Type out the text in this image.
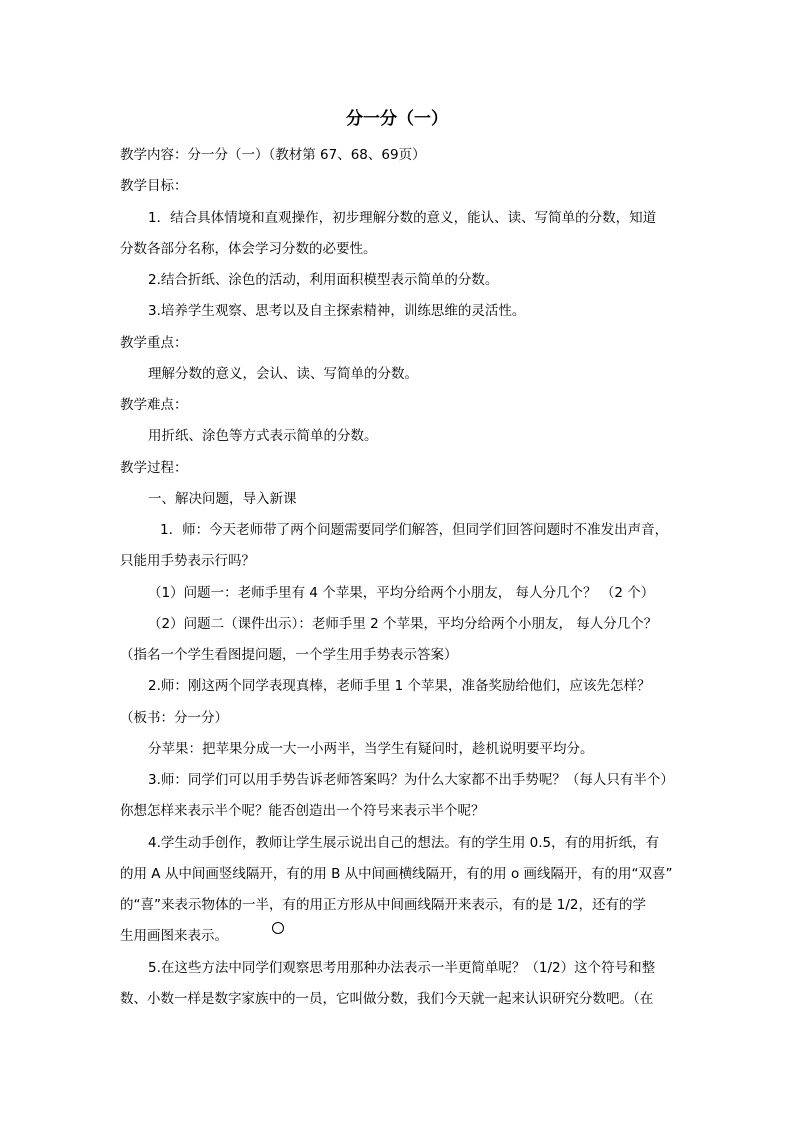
分一分（一）
教学内容：分一分（一）（教材第 67、68、69页）
教学目标：
1．结合具体情境和直观操作，初步理解分数的意义，能认、读、写简单的分数，知道
分数各部分名称，体会学习分数的必要性。
2.结合折纸、涂色的活动，利用面积模型表示简单的分数。
3.培养学生观察、思考以及自主探索精神，训练思维的灵活性。
教学重点：
理解分数的意义，会认、读、写简单的分数。
教学难点：
用折纸、涂色等方式表示简单的分数。
教学过程：
一、解决问题，导入新课
1．师：今天老师带了两个问题需要同学们解答，但同学们回答问题时不准发出声音，
只能用手势表示行吗？
（1）问题一：老师手里有 4 个苹果，平均分给两个小朋友， 每人分几个？ （2 个）
（2）问题二（课件出示）：老师手里 2 个苹果，平均分给两个小朋友， 每人分几个？
（指名一个学生看图提问题，一个学生用手势表示答案）
2.师：刚这两个同学表现真棒，老师手里 1 个苹果，准备奖励给他们，应该先怎样？
（板书：分一分）
分苹果：把苹果分成一大一小两半，当学生有疑问时，趁机说明要平均分。
3.师：同学们可以用手势告诉老师答案吗？为什么大家都不出手势呢？（每人只有半个）
你想怎样来表示半个呢？能否创造出一个符号来表示半个呢？
4.学生动手创作，教师让学生展示说出自己的想法。有的学生用 0.5，有的用折纸，有
的用 A 从中间画竖线隔开，有的用 B 从中间画横线隔开，有的用 o 画线隔开，有的用“双喜”
的“喜”来表示物体的一半，有的用正方形从中间画线隔开来表示，有的是 1/2，还有的学
生用画图来表示。
5.在这些方法中同学们观察思考用那种办法表示一半更简单呢？（1/2）这个符号和整
数、小数一样是数字家族中的一员，它叫做分数，我们今天就一起来认识研究分数吧。（在
